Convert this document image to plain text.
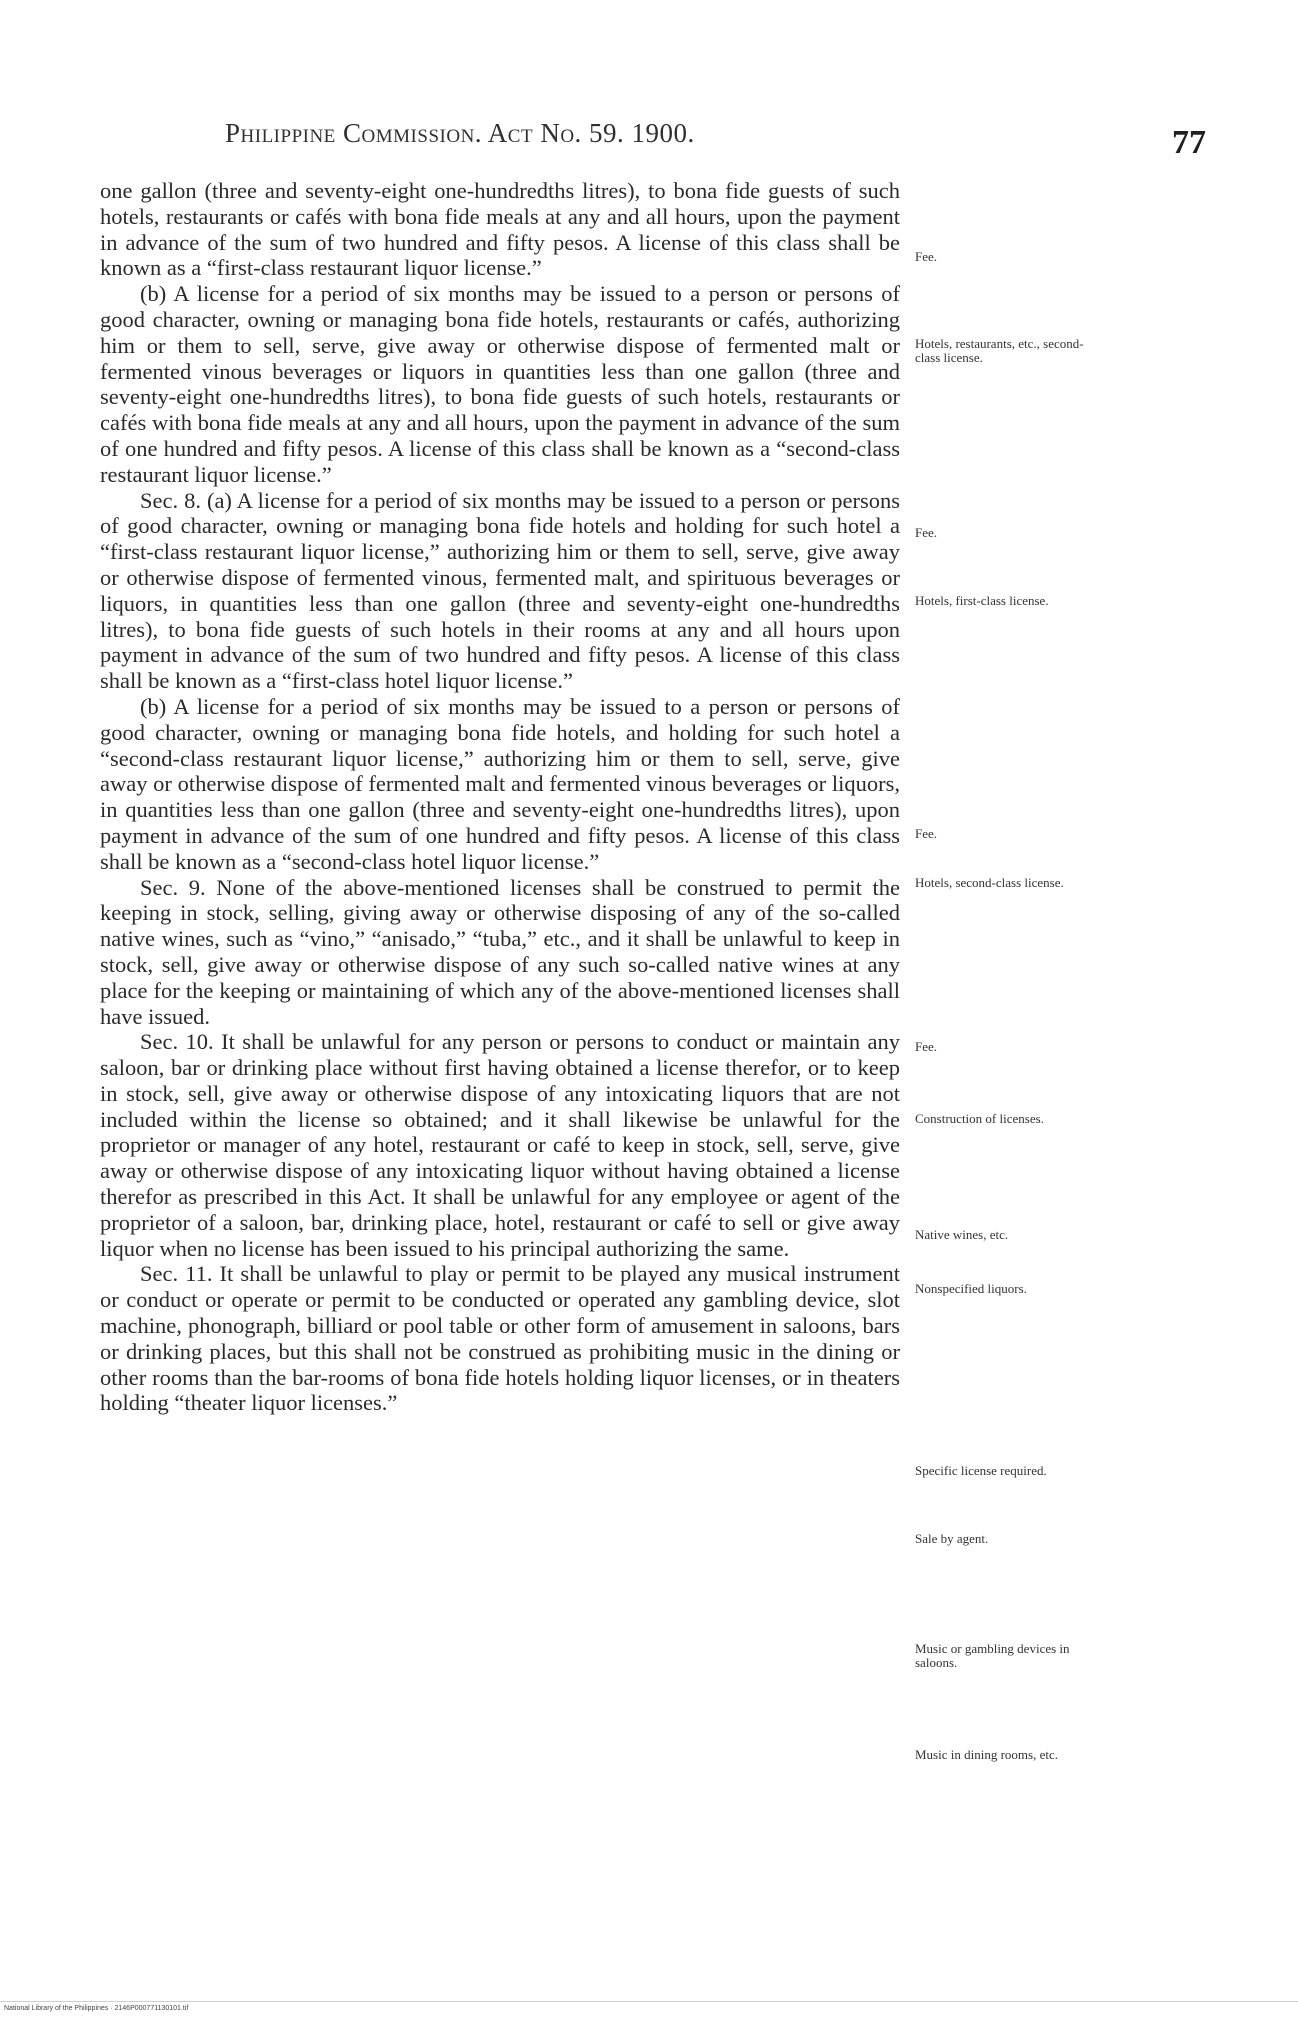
Philippine Commission. Act No. 59. 1900.	77

one gallon (three and seventy-eight one-hundredths litres), to bona fide guests of such hotels, restaurants or cafés with bona fide meals at any and all hours, upon the payment in advance of the sum of two hundred and fifty pesos. A license of this class shall be known as a “first-class restaurant liquor license.”

(b) A license for a period of six months may be issued to a person or persons of good character, owning or managing bona fide hotels, restaurants or cafés, authorizing him or them to sell, serve, give away or otherwise dispose of fermented malt or fermented vinous beverages or liquors in quantities less than one gallon (three and seventy-eight one-hundredths litres), to bona fide guests of such hotels, restaurants or cafés with bona fide meals at any and all hours, upon the payment in advance of the sum of one hundred and fifty pesos. A license of this class shall be known as a “second-class restaurant liquor license.”

Sec. 8. (a) A license for a period of six months may be issued to a person or persons of good character, owning or managing bona fide hotels and holding for such hotel a “first-class restaurant liquor license,” authorizing him or them to sell, serve, give away or otherwise dispose of fermented vinous, fermented malt, and spirituous beverages or liquors, in quantities less than one gallon (three and seventy-eight one-hundredths litres), to bona fide guests of such hotels in their rooms at any and all hours upon payment in advance of the sum of two hundred and fifty pesos. A license of this class shall be known as a “first-class hotel liquor license.”

(b) A license for a period of six months may be issued to a person or persons of good character, owning or managing bona fide hotels, and holding for such hotel a “second-class restaurant liquor license,” authorizing him or them to sell, serve, give away or otherwise dispose of fermented malt and fermented vinous beverages or liquors, in quantities less than one gallon (three and seventy-eight one-hundredths litres), upon payment in advance of the sum of one hundred and fifty pesos. A license of this class shall be known as a “second-class hotel liquor license.”

Sec. 9. None of the above-mentioned licenses shall be construed to permit the keeping in stock, selling, giving away or otherwise disposing of any of the so-called native wines, such as “vino,” “anisado,” “tuba,” etc., and it shall be unlawful to keep in stock, sell, give away or otherwise dispose of any such so-called native wines at any place for the keeping or maintaining of which any of the above-mentioned licenses shall have issued.

Sec. 10. It shall be unlawful for any person or persons to conduct or maintain any saloon, bar or drinking place without first having obtained a license therefor, or to keep in stock, sell, give away or otherwise dispose of any intoxicating liquors that are not included within the license so obtained; and it shall likewise be unlawful for the proprietor or manager of any hotel, restaurant or café to keep in stock, sell, serve, give away or otherwise dispose of any intoxicating liquor without having obtained a license therefor as prescribed in this Act. It shall be unlawful for any employee or agent of the proprietor of a saloon, bar, drinking place, hotel, restaurant or café to sell or give away liquor when no license has been issued to his principal authorizing the same.

Sec. 11. It shall be unlawful to play or permit to be played any musical instrument or conduct or operate or permit to be conducted or operated any gambling device, slot machine, phonograph, billiard or pool table or other form of amusement in saloons, bars or drinking places, but this shall not be construed as prohibiting music in the dining or other rooms than the bar-rooms of bona fide hotels holding liquor licenses, or in theaters holding “theater liquor licenses.”

Fee.
Hotels, restaurants, etc., second-class license.
Fee.
Hotels, first-class license.
Fee.
Hotels, second-class license.
Fee.
Construction of licenses.
Native wines, etc.
Nonspecified liquors.
Specific license required.
Sale by agent.
Music or gambling devices in saloons.
Music in dining rooms, etc.
National Library of the Philippines · 2146P000771130101.tif
